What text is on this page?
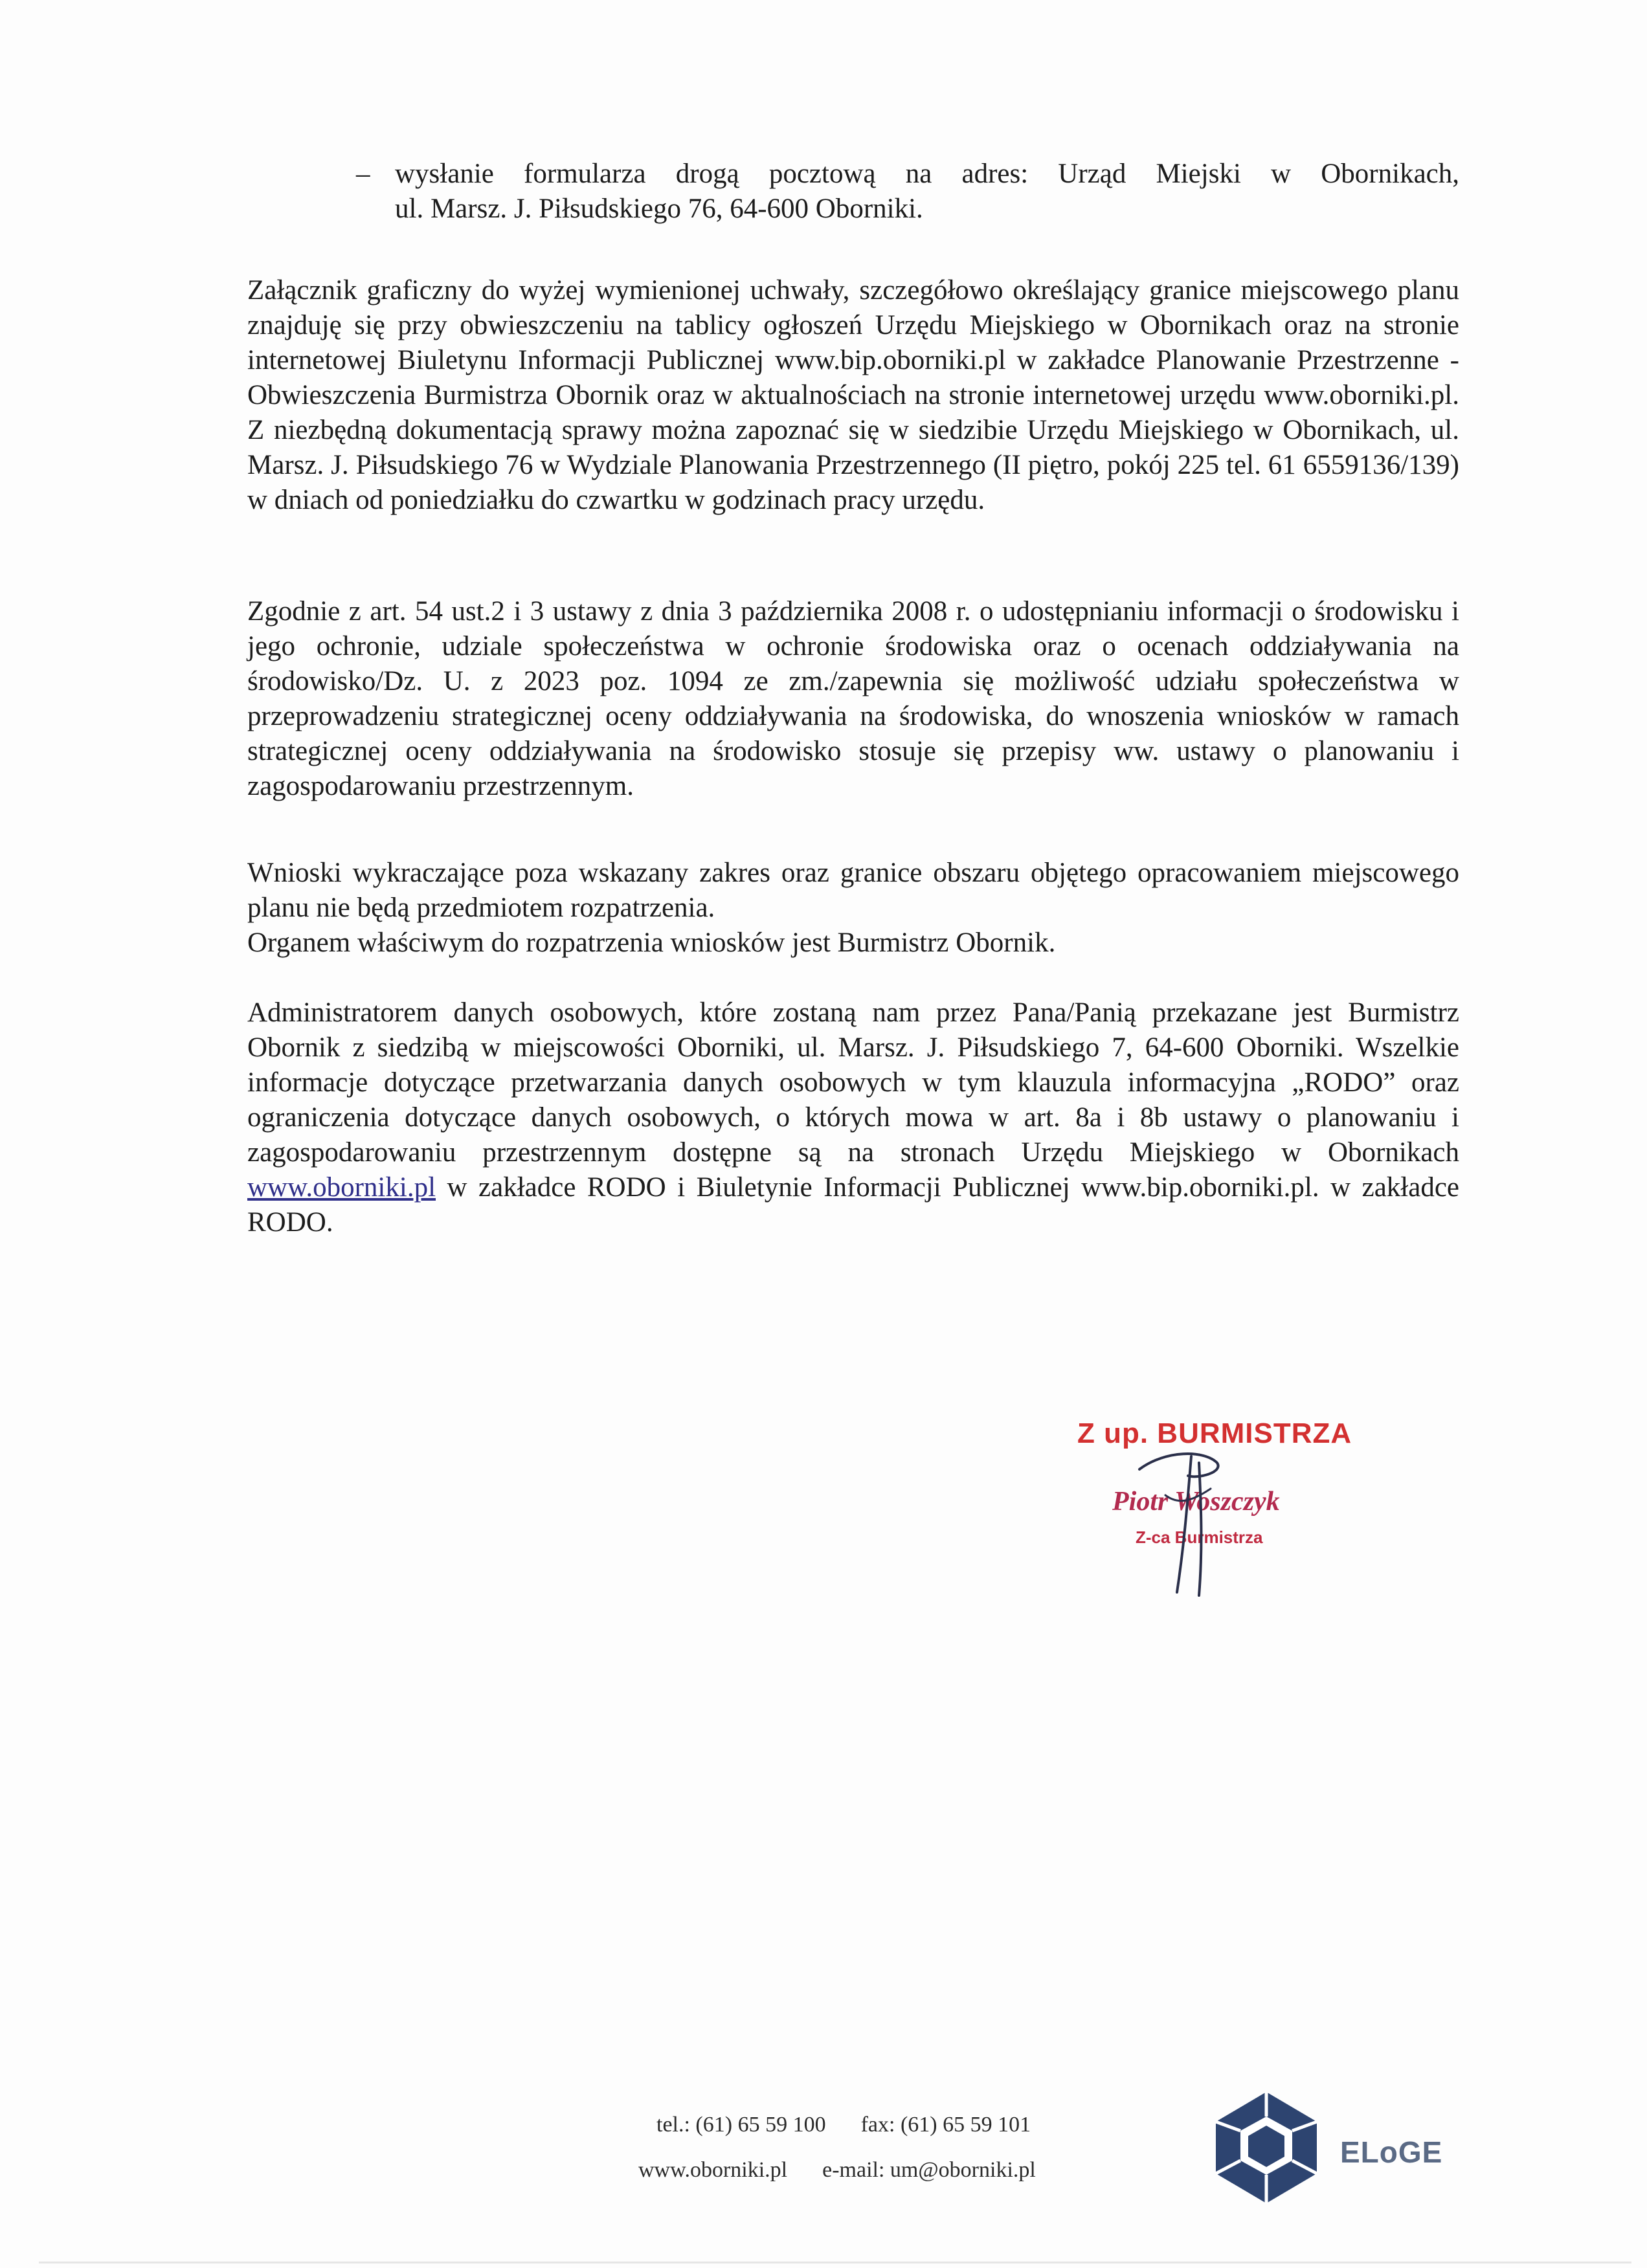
– wysłanie formularza drogą pocztową na adres: Urząd Miejski w Obornikach,
ul. Marsz. J. Piłsudskiego 76, 64-600 Oborniki.

Załącznik graficzny do wyżej wymienionej uchwały, szczegółowo określający granice miejscowego planu znajduję się przy obwieszczeniu na tablicy ogłoszeń Urzędu Miejskiego w Obornikach oraz na stronie internetowej Biuletynu Informacji Publicznej www.bip.oborniki.pl w zakładce Planowanie Przestrzenne - Obwieszczenia Burmistrza Obornik oraz w aktualnościach na stronie internetowej urzędu www.oborniki.pl. Z niezbędną dokumentacją sprawy można zapoznać się w siedzibie Urzędu Miejskiego w Obornikach, ul. Marsz. J. Piłsudskiego 76 w Wydziale Planowania Przestrzennego (II piętro, pokój 225 tel. 61 6559136/139) w dniach od poniedziałku do czwartku w godzinach pracy urzędu.

Zgodnie z art. 54 ust.2 i 3 ustawy z dnia 3 października 2008 r. o udostępnianiu informacji o środowisku i jego ochronie, udziale społeczeństwa w ochronie środowiska oraz o ocenach oddziaływania na środowisko/Dz. U. z 2023 poz. 1094 ze zm./zapewnia się możliwość udziału społeczeństwa w przeprowadzeniu strategicznej oceny oddziaływania na środowiska, do wnoszenia wniosków w ramach strategicznej oceny oddziaływania na środowisko stosuje się przepisy ww. ustawy o planowaniu i zagospodarowaniu przestrzennym.

Wnioski wykraczające poza wskazany zakres oraz granice obszaru objętego opracowaniem miejscowego planu nie będą przedmiotem rozpatrzenia.

Organem właściwym do rozpatrzenia wniosków jest Burmistrz Obornik.

Administratorem danych osobowych, które zostaną nam przez Pana/Panią przekazane jest Burmistrz Obornik z siedzibą w miejscowości Oborniki, ul. Marsz. J. Piłsudskiego 7, 64-600 Oborniki. Wszelkie informacje dotyczące przetwarzania danych osobowych w tym klauzula informacyjna „RODO” oraz ograniczenia dotyczące danych osobowych, o których mowa w art. 8a i 8b ustawy o planowaniu i zagospodarowaniu przestrzennym dostępne są na stronach Urzędu Miejskiego w Obornikach www.oborniki.pl w zakładce RODO i Biuletynie Informacji Publicznej www.bip.oborniki.pl. w zakładce RODO.

Z up. BURMISTRZA
Piotr Woszczyk
Z-ca Burmistrza
tel.: (61) 65 59 100 fax: (61) 65 59 101
www.oborniki.pl e-mail: um@oborniki.pl
ELoGE
